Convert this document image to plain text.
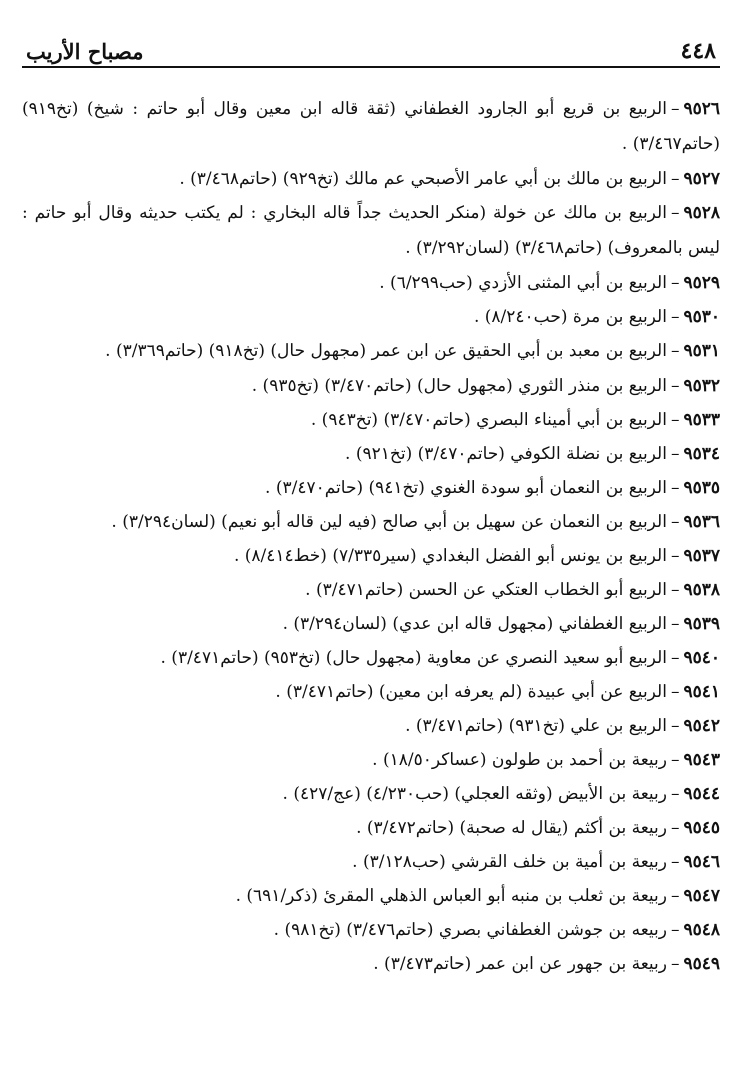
٤٤٨
مصباح الأريب
٩٥٢٦–الربيع بن قريع أبو الجارود الغطفاني (ثقة قاله ابن معين وقال أبو حاتم : شيخ) (تخ٩١٩) (حاتم٣/٤٦٧) .
٩٥٢٧–الربيع بن مالك بن أبي عامر الأصبحي عم مالك (تخ٩٢٩) (حاتم٣/٤٦٨) .
٩٥٢٨–الربيع بن مالك عن خولة (منكر الحديث جداً قاله البخاري : لم يكتب حديثه وقال أبو حاتم : ليس بالمعروف) (حاتم٣/٤٦٨) (لسان٣/٢٩٢) .
٩٥٢٩–الربيع بن أبي المثنى الأزدي (حب٦/٢٩٩) .
٩٥٣٠–الربيع بن مرة (حب٨/٢٤٠) .
٩٥٣١–الربيع بن معبد بن أبي الحقيق عن ابن عمر (مجهول حال) (تخ٩١٨) (حاتم٣/٣٦٩) .
٩٥٣٢–الربيع بن منذر الثوري (مجهول حال) (حاتم٣/٤٧٠) (تخ٩٣٥) .
٩٥٣٣–الربيع بن أبي أميناء البصري (حاتم٣/٤٧٠) (تخ٩٤٣) .
٩٥٣٤–الربيع بن نضلة الكوفي (حاتم٣/٤٧٠) (تخ٩٢١) .
٩٥٣٥–الربيع بن النعمان أبو سودة الغنوي (تخ٩٤١) (حاتم٣/٤٧٠) .
٩٥٣٦–الربيع بن النعمان عن سهيل بن أبي صالح (فيه لين قاله أبو نعيم) (لسان٣/٢٩٤) .
٩٥٣٧–الربيع بن يونس أبو الفضل البغدادي (سير٧/٣٣٥) (خط٨/٤١٤) .
٩٥٣٨–الربيع أبو الخطاب العتكي عن الحسن (حاتم٣/٤٧١) .
٩٥٣٩–الربيع الغطفاني (مجهول قاله ابن عدي) (لسان٣/٢٩٤) .
٩٥٤٠–الربيع أبو سعيد النصري عن معاوية (مجهول حال) (تخ٩٥٣) (حاتم٣/٤٧١) .
٩٥٤١–الربيع عن أبي عبيدة (لم يعرفه ابن معين) (حاتم٣/٤٧١) .
٩٥٤٢–الربيع بن علي (تخ٩٣١) (حاتم٣/٤٧١) .
٩٥٤٣–ربيعة بن أحمد بن طولون (عساكر١٨/٥٠) .
٩٥٤٤–ربيعة بن الأبيض (وثقه العجلي) (حب٤/٢٣٠) (عج/٤٢٧) .
٩٥٤٥–ربيعة بن أكثم (يقال له صحبة) (حاتم٣/٤٧٢) .
٩٥٤٦–ربيعة بن أمية بن خلف القرشي (حب٣/١٢٨) .
٩٥٤٧–ربيعة بن ثعلب بن منبه أبو العباس الذهلي المقرئ (ذكر/٦٩١) .
٩٥٤٨–ربيعه بن جوشن الغطفاني بصري (حاتم٣/٤٧٦) (تخ٩٨١) .
٩٥٤٩–ربيعة بن جهور عن ابن عمر (حاتم٣/٤٧٣) .
